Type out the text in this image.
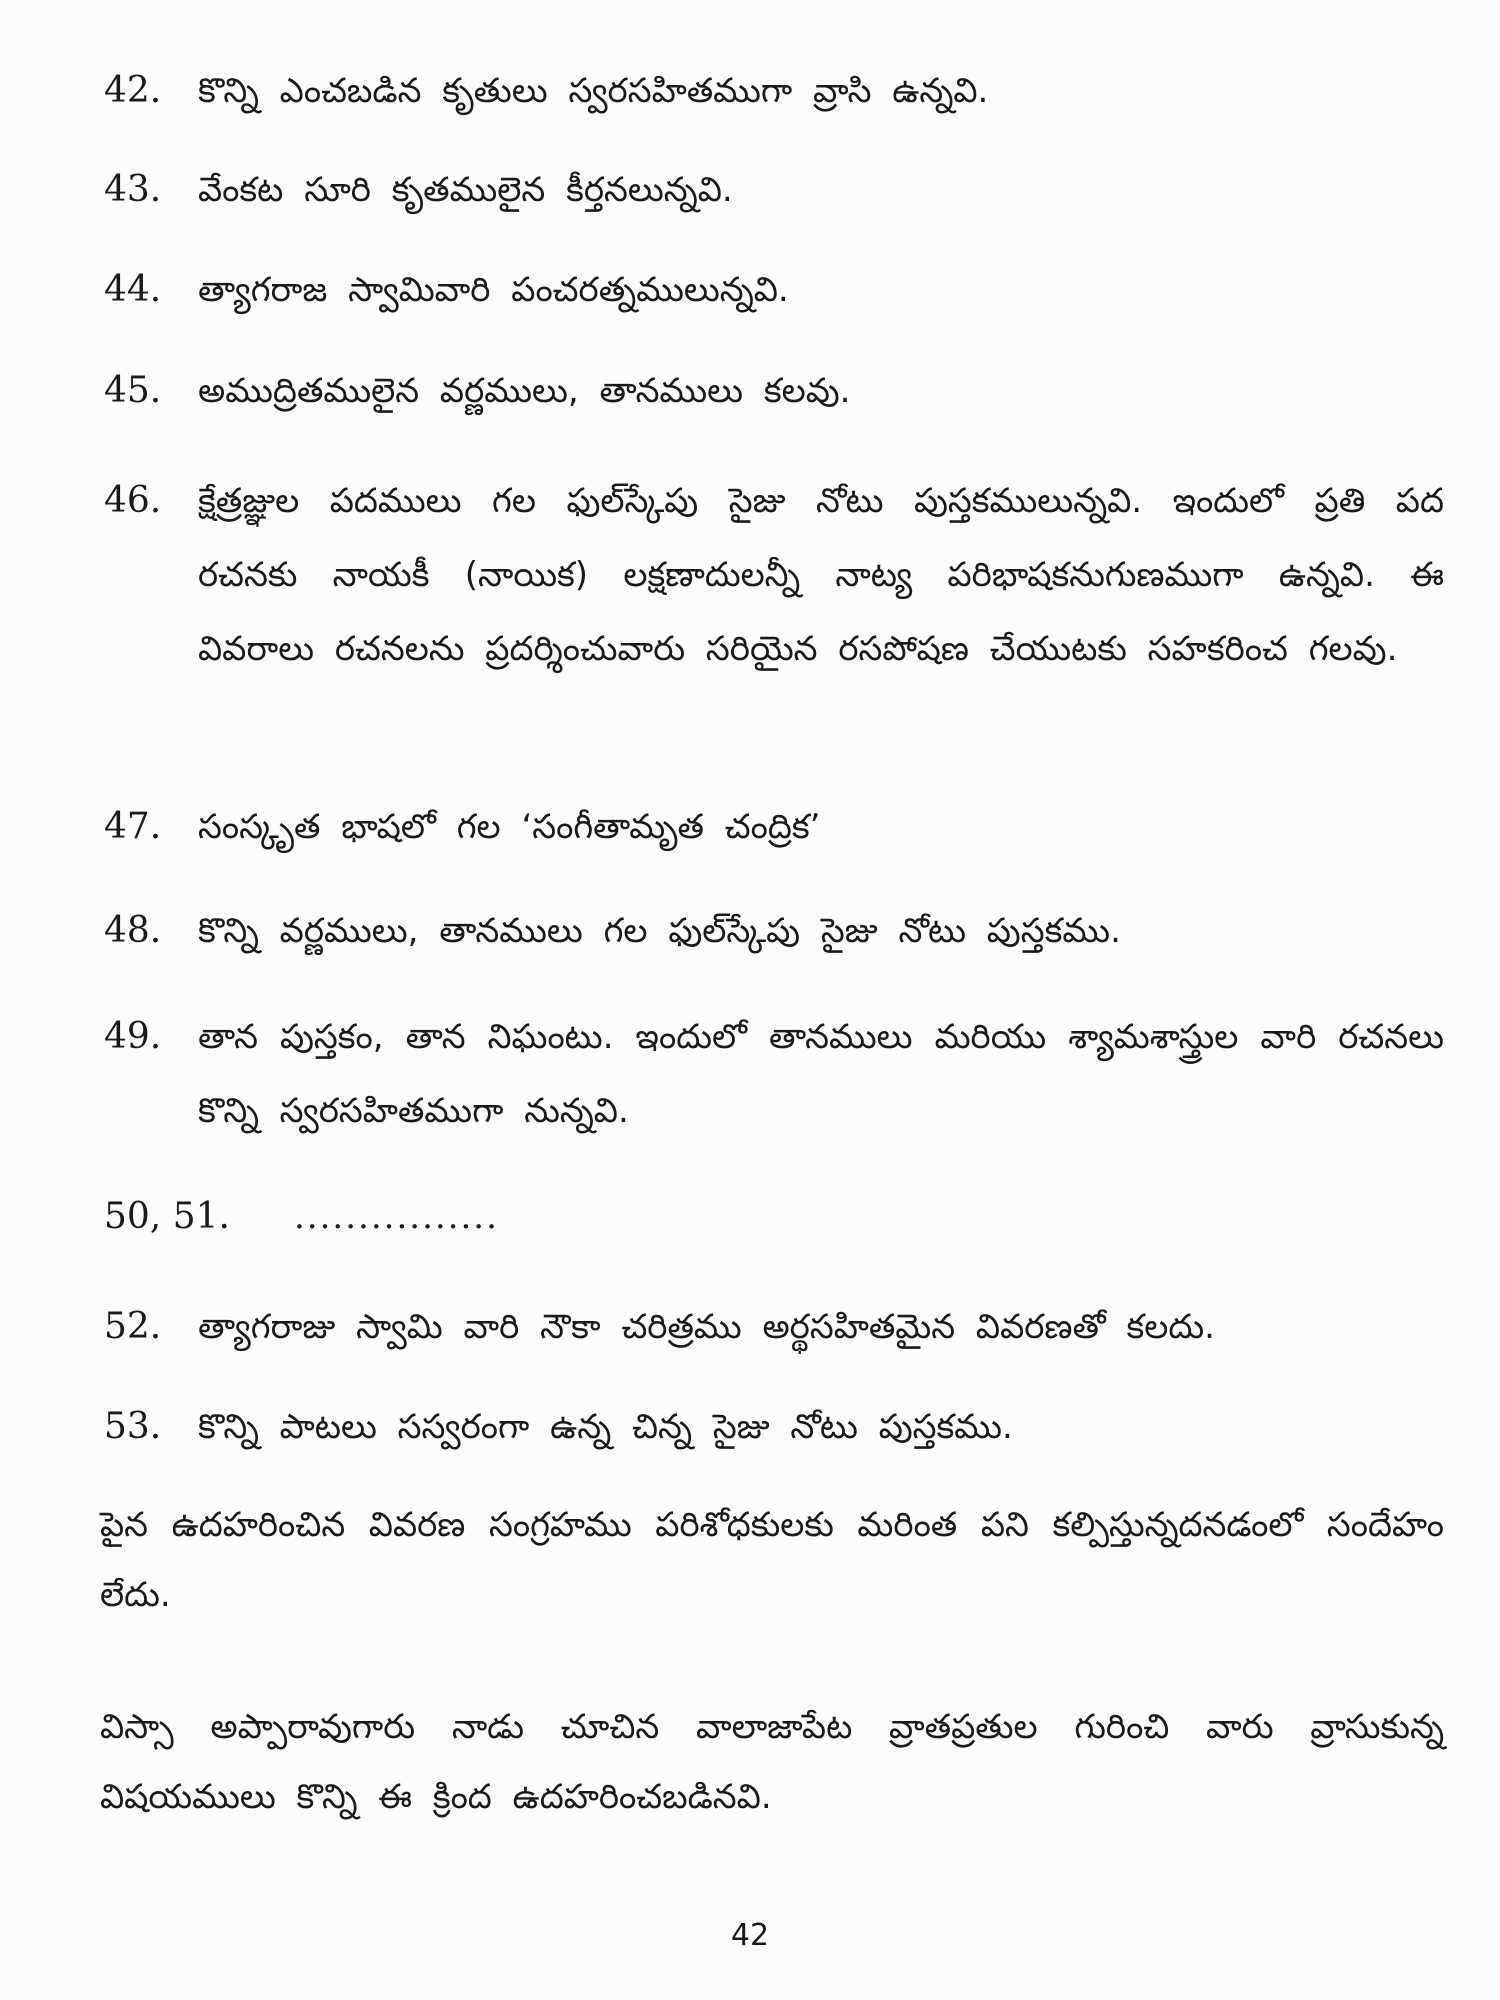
42.	కొన్ని ఎంచబడిన కృతులు స్వరసహితముగా వ్రాసి ఉన్నవి.
43.	వేంకట సూరి కృతములైన కీర్తనలున్నవి.
44.	త్యాగరాజ స్వామివారి పంచరత్నములున్నవి.
45.	అముద్రితములైన వర్ణములు, తానములు కలవు.
46.	క్షేత్రజ్ఞుల పదములు గల ఫుల్‌స్కేపు సైజు నోటు పుస్తకములున్నవి. ఇందులో ప్రతి పద రచనకు నాయకీ (నాయిక) లక్షణాదులన్నీ నాట్య పరిభాషకనుగుణముగా ఉన్నవి. ఈ వివరాలు రచనలను ప్రదర్శించువారు సరియైన రసపోషణ చేయుటకు సహకరించ గలవు.
47.	సంస్కృత భాషలో గల ‘సంగీతామృత చంద్రిక’
48.	కొన్ని వర్ణములు, తానములు గల ఫుల్‌స్కేపు సైజు నోటు పుస్తకము.
49.	తాన పుస్తకం, తాన నిఘంటు. ఇందులో తానములు మరియు శ్యామశాస్త్రుల వారి రచనలు కొన్ని స్వరసహితముగా నున్నవి.
50, 51.	................
52.	త్యాగరాజు స్వామి వారి నౌకా చరిత్రము అర్థసహితమైన వివరణతో కలదు.
53.	కొన్ని పాటలు సస్వరంగా ఉన్న చిన్న సైజు నోటు పుస్తకము.
పైన ఉదహరించిన వివరణ సంగ్రహము పరిశోధకులకు మరింత పని కల్పిస్తున్నదనడంలో సందేహం లేదు.
విస్సా అప్పారావుగారు నాడు చూచిన వాలాజాపేట వ్రాతప్రతుల గురించి వారు వ్రాసుకున్న విషయములు కొన్ని ఈ క్రింద ఉదహరించబడినవి.
42
